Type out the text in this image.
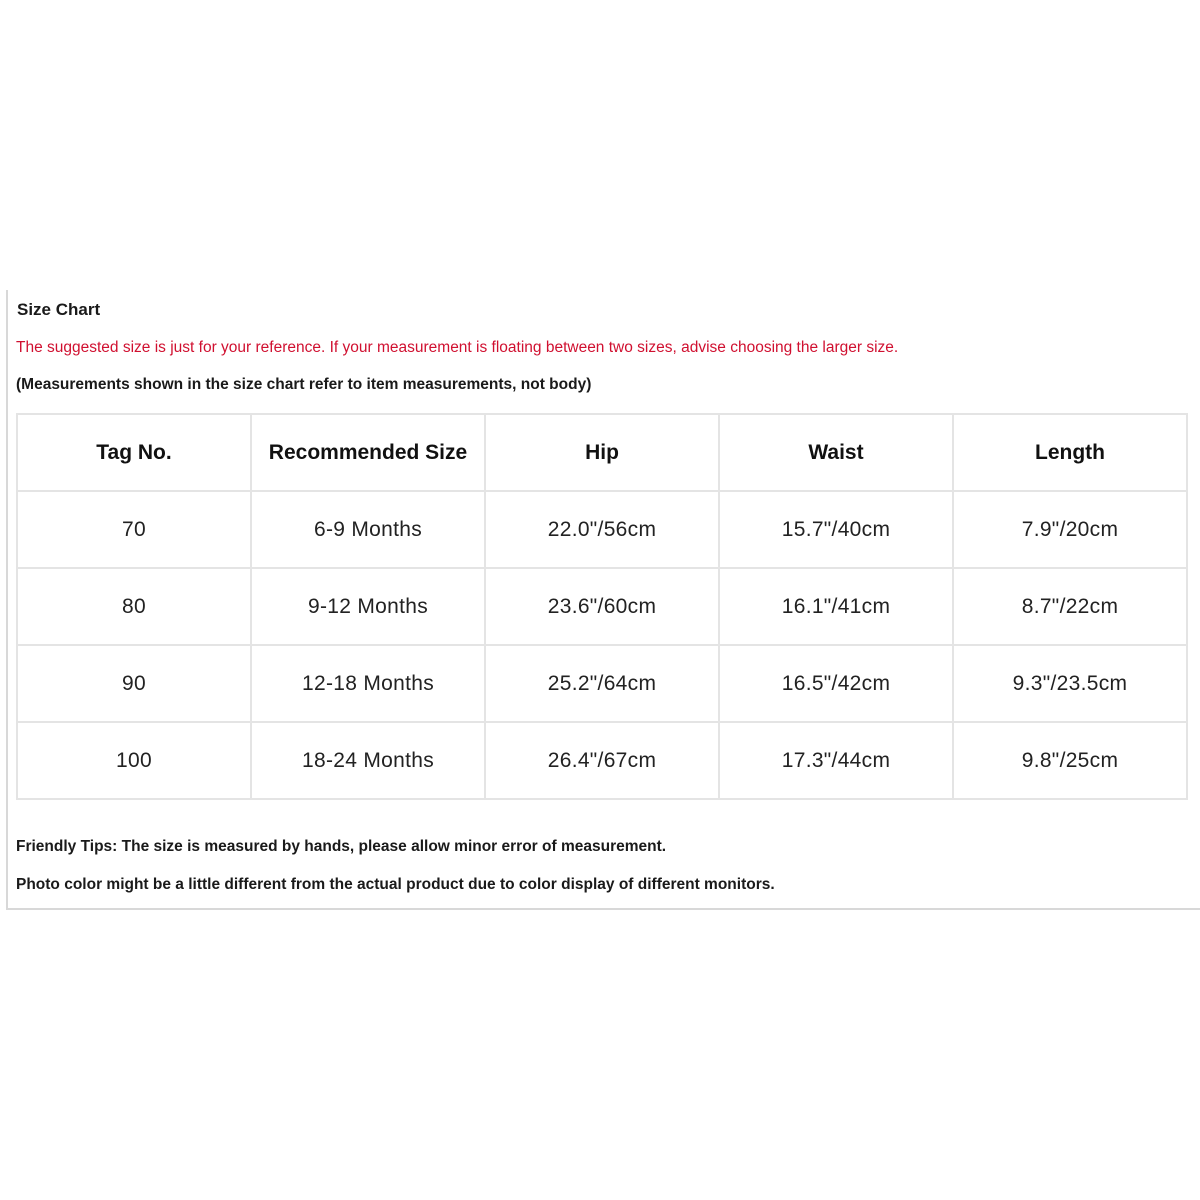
Size Chart
The suggested size is just for your reference. If your measurement is floating between two sizes, advise choosing the larger size.
(Measurements shown in the size chart refer to item measurements, not body)
Tag No.	Recommended Size	Hip	Waist	Length
70	6-9 Months	22.0"/56cm	15.7"/40cm	7.9"/20cm
80	9-12 Months	23.6"/60cm	16.1"/41cm	8.7"/22cm
90	12-18 Months	25.2"/64cm	16.5"/42cm	9.3"/23.5cm
100	18-24 Months	26.4"/67cm	17.3"/44cm	9.8"/25cm
Friendly Tips: The size is measured by hands, please allow minor error of measurement.
Photo color might be a little different from the actual product due to color display of different monitors.
